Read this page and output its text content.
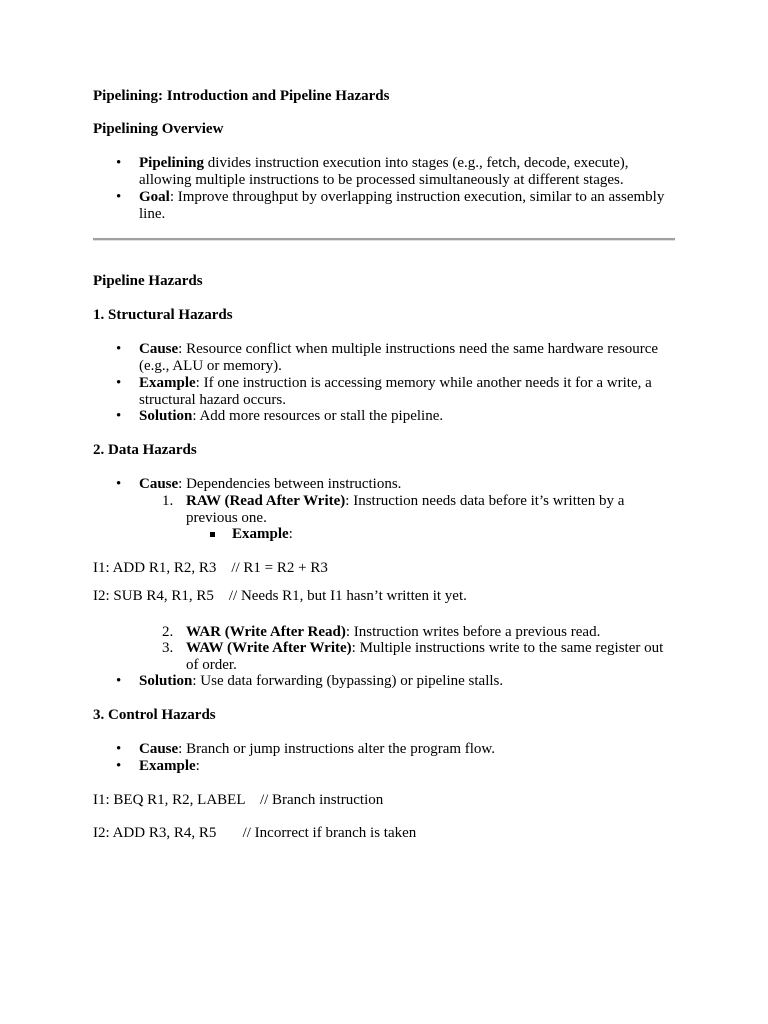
Pipelining: Introduction and Pipeline Hazards
Pipelining Overview
• Pipelining divides instruction execution into stages (e.g., fetch, decode, execute), allowing multiple instructions to be processed simultaneously at different stages.
• Goal: Improve throughput by overlapping instruction execution, similar to an assembly line.
Pipeline Hazards
1. Structural Hazards
• Cause: Resource conflict when multiple instructions need the same hardware resource (e.g., ALU or memory).
• Example: If one instruction is accessing memory while another needs it for a write, a structural hazard occurs.
• Solution: Add more resources or stall the pipeline.
2. Data Hazards
• Cause: Dependencies between instructions.
1. RAW (Read After Write): Instruction needs data before it’s written by a previous one.
Example:
I1: ADD R1, R2, R3    // R1 = R2 + R3
I2: SUB R4, R1, R5    // Needs R1, but I1 hasn’t written it yet.
2. WAR (Write After Read): Instruction writes before a previous read.
3. WAW (Write After Write): Multiple instructions write to the same register out of order.
• Solution: Use data forwarding (bypassing) or pipeline stalls.
3. Control Hazards
• Cause: Branch or jump instructions alter the program flow.
• Example:
I1: BEQ R1, R2, LABEL    // Branch instruction
I2: ADD R3, R4, R5       // Incorrect if branch is taken
